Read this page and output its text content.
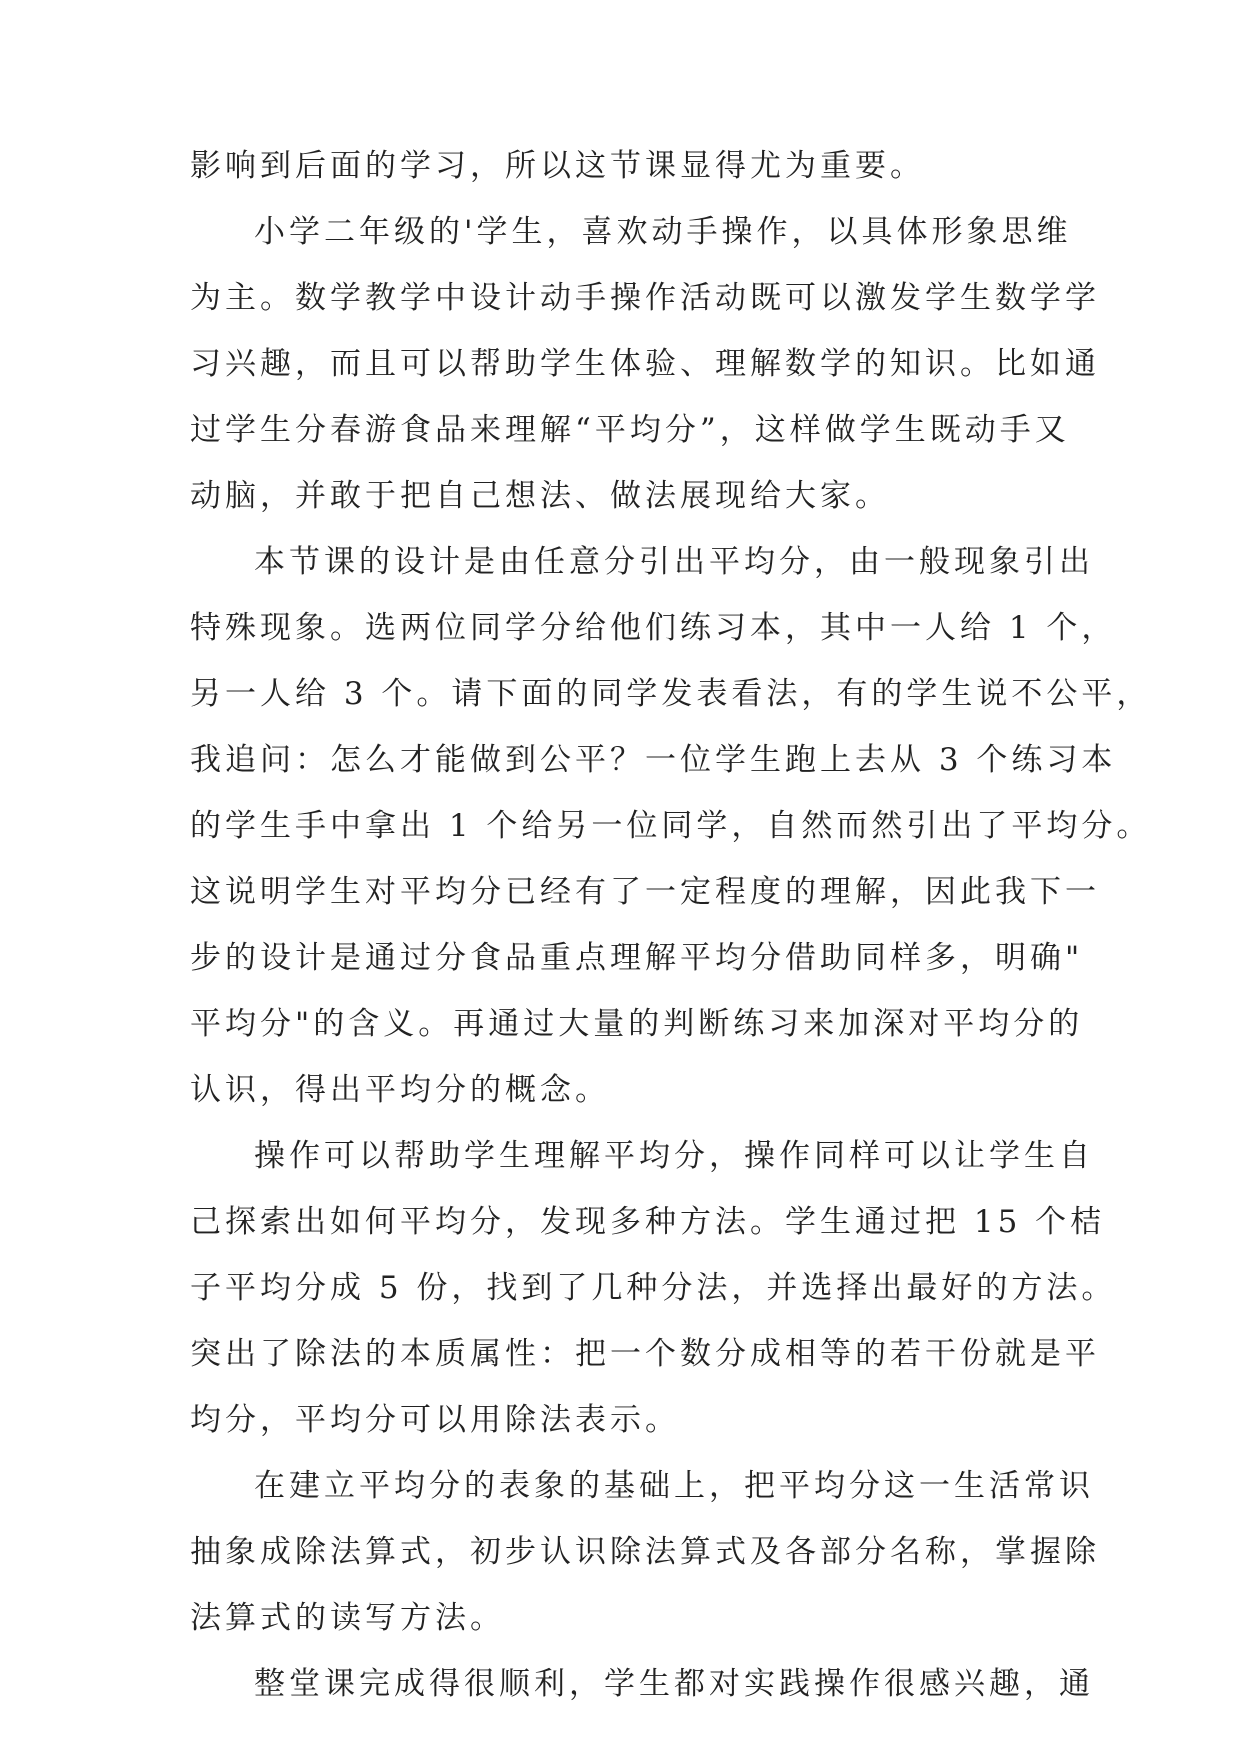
影响到后面的学习，所以这节课显得尤为重要。
小学二年级的'学生，喜欢动手操作，以具体形象思维
为主。数学教学中设计动手操作活动既可以激发学生数学学
习兴趣，而且可以帮助学生体验、理解数学的知识。比如通
过学生分春游食品来理解“平均分”，这样做学生既动手又
动脑，并敢于把自己想法、做法展现给大家。
本节课的设计是由任意分引出平均分，由一般现象引出
特殊现象。选两位同学分给他们练习本，其中一人给 1 个，
另一人给 3 个。请下面的同学发表看法，有的学生说不公平，
我追问：怎么才能做到公平？一位学生跑上去从 3 个练习本
的学生手中拿出 1 个给另一位同学，自然而然引出了平均分。
这说明学生对平均分已经有了一定程度的理解，因此我下一
步的设计是通过分食品重点理解平均分借助同样多，明确"
平均分"的含义。再通过大量的判断练习来加深对平均分的
认识，得出平均分的概念。
操作可以帮助学生理解平均分，操作同样可以让学生自
己探索出如何平均分，发现多种方法。学生通过把 15 个桔
子平均分成 5 份，找到了几种分法，并选择出最好的方法。
突出了除法的本质属性：把一个数分成相等的若干份就是平
均分，平均分可以用除法表示。
在建立平均分的表象的基础上，把平均分这一生活常识
抽象成除法算式，初步认识除法算式及各部分名称，掌握除
法算式的读写方法。
整堂课完成得很顺利，学生都对实践操作很感兴趣，通
